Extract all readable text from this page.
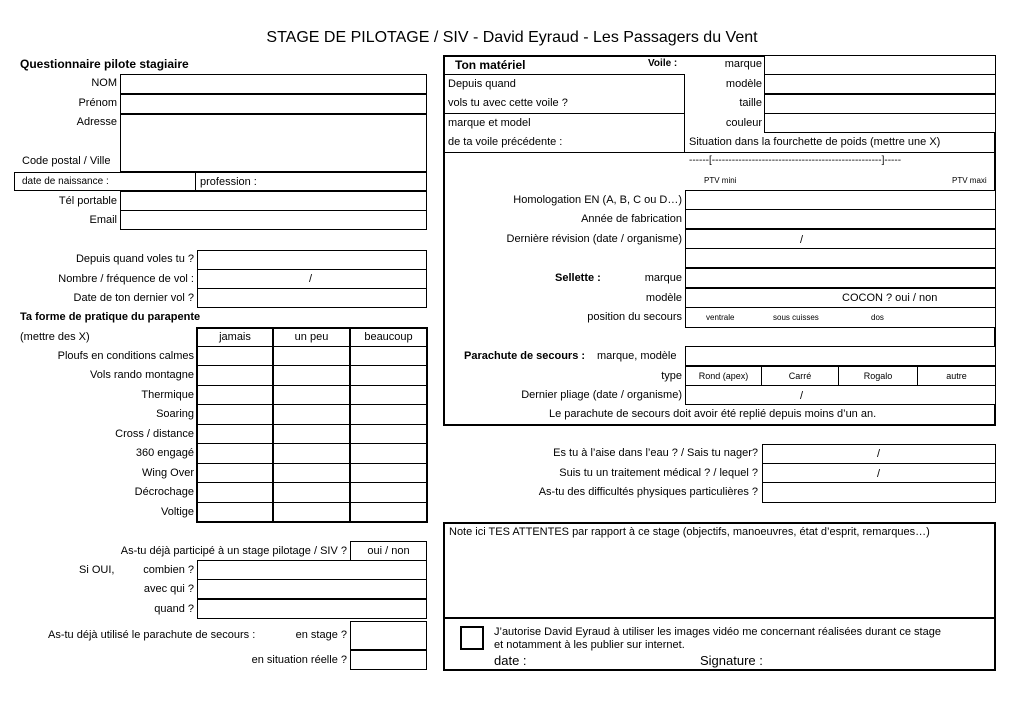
STAGE DE PILOTAGE / SIV - David Eyraud - Les Passagers du Vent
Questionnaire pilote stagiaire
NOM
Prénom
Adresse
Code postal / Ville
date de naissance :	profession :
Tél portable
Email
Depuis quand voles tu ?
Nombre / fréquence de vol :	/
Date de ton dernier vol ?
Ta forme de pratique du parapente
(mettre des X)	jamais	un peu	beaucoup
Ploufs en conditions calmes
Vols rando montagne
Thermique
Soaring
Cross / distance
360 engagé
Wing Over
Décrochage
Voltige
As-tu déjà participé à un stage pilotage / SIV ?	oui / non
Si OUI,	combien ?
avec qui ?
quand ?
As-tu déjà utilisé le parachute de secours :	en stage ?
en situation réelle ?
Ton matériel	Voile :
Depuis quand
vols tu avec cette voile ?
marque et model
de ta voile précédente :
marque
modèle
taille
couleur
Situation dans la fourchette de poids (mettre une X)
------[---------------------------------------------------]-----
PTV mini	PTV maxi
Homologation EN (A, B, C ou D…)
Année de fabrication
Dernière révision (date / organisme)	/
Sellette :	marque
modèle	COCON ? oui / non
position du secours	ventrale	sous cuisses	dos
Parachute de secours : marque, modèle
type	Rond (apex)	Carré	Rogalo	autre
Dernier pliage (date / organisme)	/
Le parachute de secours doit avoir été replié depuis moins d’un an.
Es tu à l’aise dans l’eau ? / Sais tu nager?	/
Suis tu un traitement médical ? / lequel ?	/
As-tu des difficultés physiques particulières ?
Note ici TES ATTENTES par rapport à ce stage (objectifs, manoeuvres, état d’esprit, remarques…)
J’autorise David Eyraud à utiliser les images vidéo me concernant réalisées durant ce stage
et notamment à les publier sur internet.
date :	Signature :
